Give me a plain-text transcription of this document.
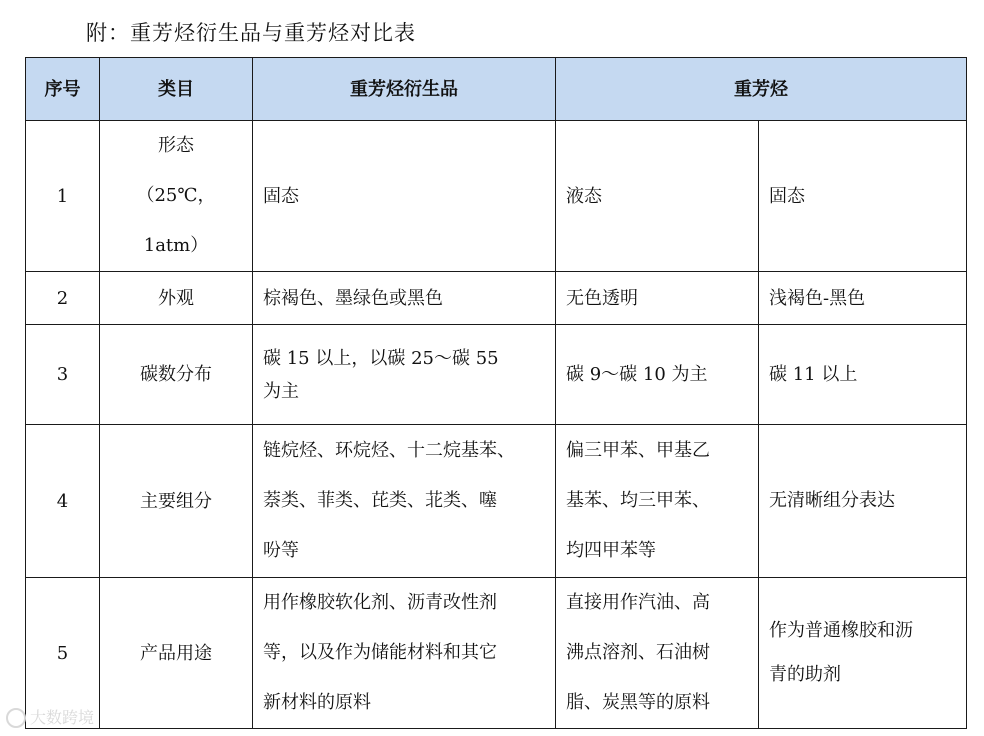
附：重芳烃衍生品与重芳烃对比表
序号	类目	重芳烃衍生品	重芳烃	
1	形态
（25℃，
1atm）	固态	液态	固态

2	外观	棕褐色、墨绿色或黑色	无色透明	浅褐色-黑色

3	碳数分布	碳 15 以上，以碳 25～碳 55
为主	碳 9～碳 10 为主	碳 11 以上

4	主要组分	链烷烃、环烷烃、十二烷基苯、
萘类、菲类、芘类、苝类、噻
吩等	偏三甲苯、甲基乙
基苯、均三甲苯、
均四甲苯等	无清晰组分表达

5	产品用途	用作橡胶软化剂、沥青改性剂
等，以及作为储能材料和其它
新材料的原料	直接用作汽油、高
沸点溶剂、石油树
脂、炭黑等的原料	作为普通橡胶和沥
青的助剂
大数跨境
